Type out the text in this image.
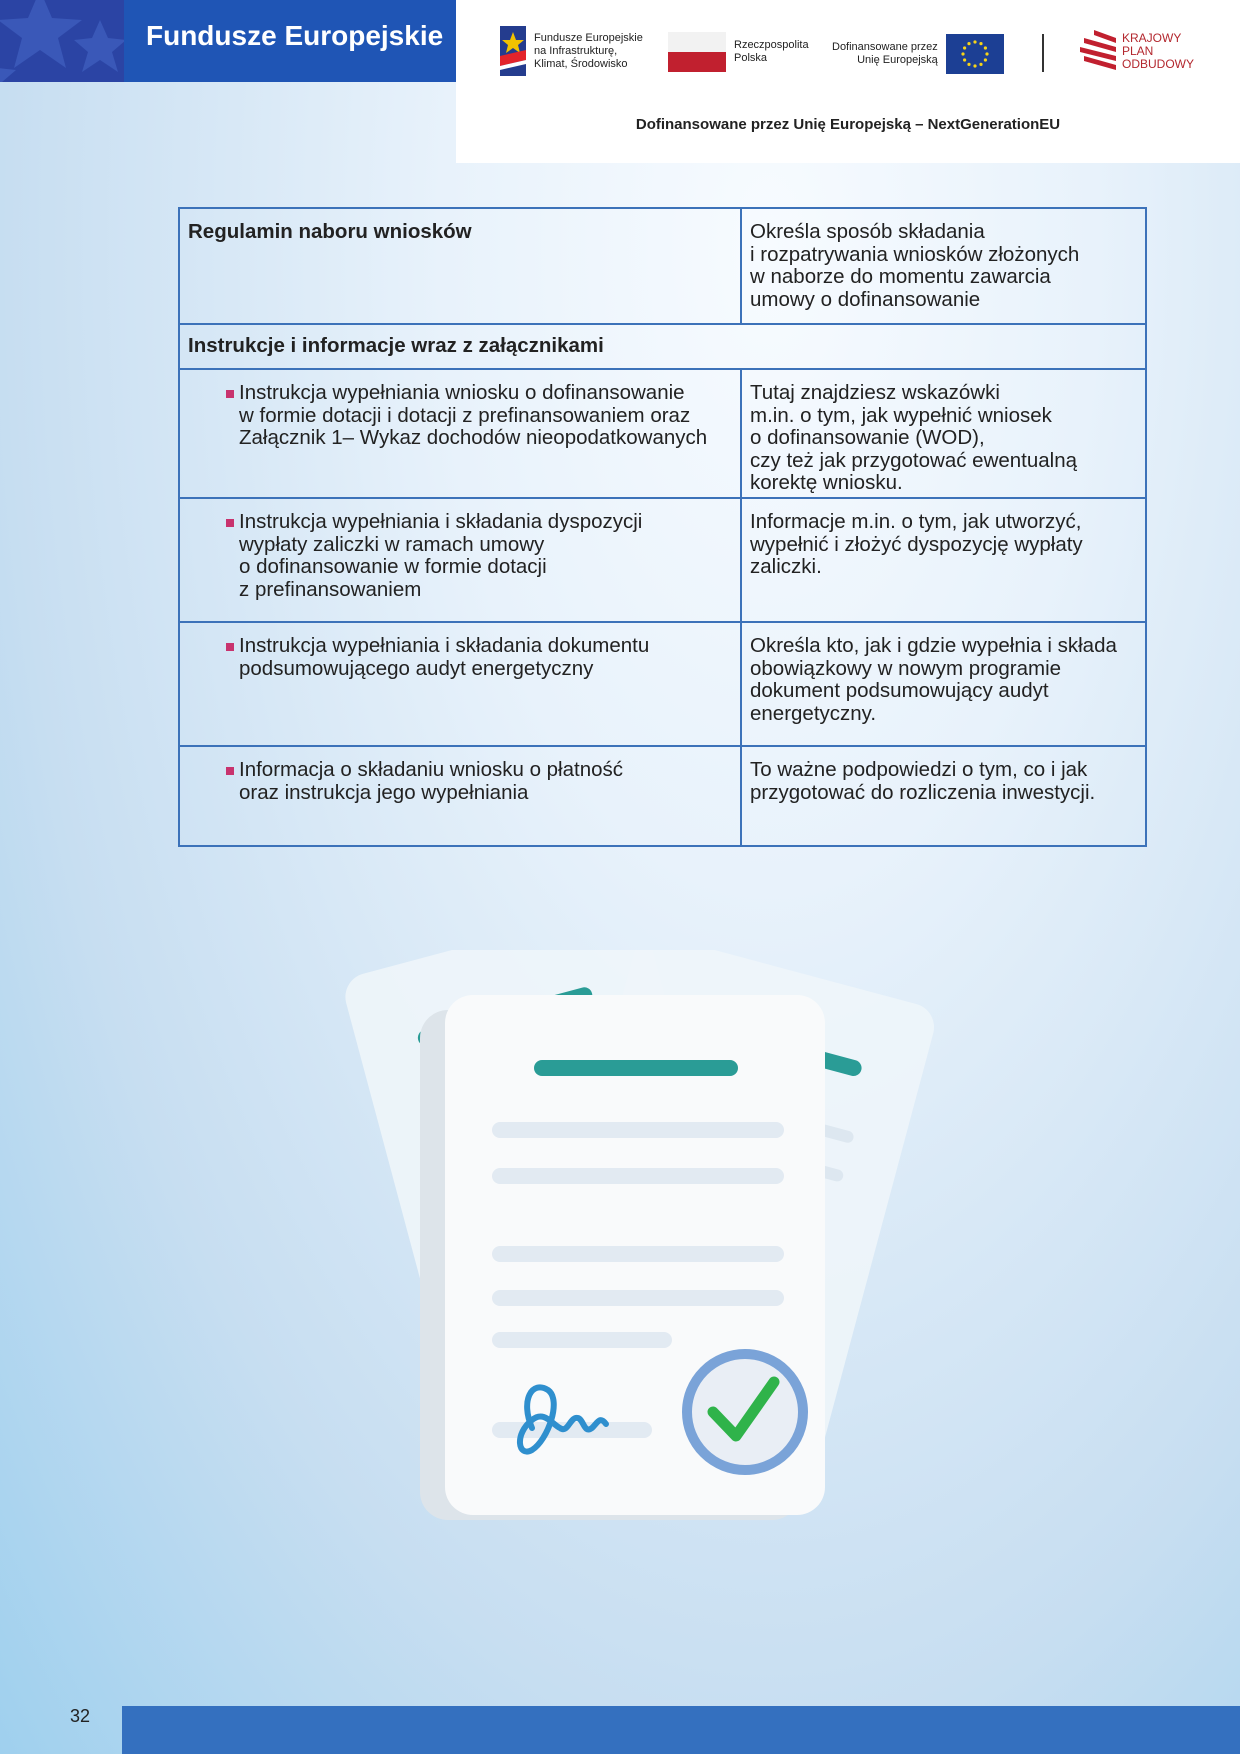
Fundusze Europejskie	Fundusze Europejskie
na Infrastrukturę,
Klimat, Środowisko
Rzeczpospolita
Polska
Dofinansowane przez
Unię Europejską
KRAJOWY
PLAN
ODBUDOWY
Dofinansowane przez Unię Europejską – NextGenerationEU
Regulamin naboru wniosków	Określa sposób składania
i rozpatrywania wniosków złożonych
w naborze do momentu zawarcia
umowy o dofinansowanie
Instrukcje i informacje wraz z załącznikami	

Instrukcja wypełniania wniosku o dofinansowanie
w formie dotacji i dotacji z prefinansowaniem oraz
Załącznik 1– Wykaz dochodów nieopodatkowanych	Tutaj znajdziesz wskazówki
m.in. o tym, jak wypełnić wniosek
o dofinansowanie (WOD),
czy też jak przygotować ewentualną
korektę wniosku.

Instrukcja wypełniania i składania dyspozycji
wypłaty zaliczki w ramach umowy
o dofinansowanie w formie dotacji
z prefinansowaniem	Informacje m.in. o tym, jak utworzyć,
wypełnić i złożyć dyspozycję wypłaty
zaliczki.

Instrukcja wypełniania i składania dokumentu
podsumowującego audyt energetyczny	Określa kto, jak i gdzie wypełnia i składa
obowiązkowy w nowym programie
dokument podsumowujący audyt
energetyczny.

Informacja o składaniu wniosku o płatność
oraz instrukcja jego wypełniania	To ważne podpowiedzi o tym, co i jak
przygotować do rozliczenia inwestycji.
32
